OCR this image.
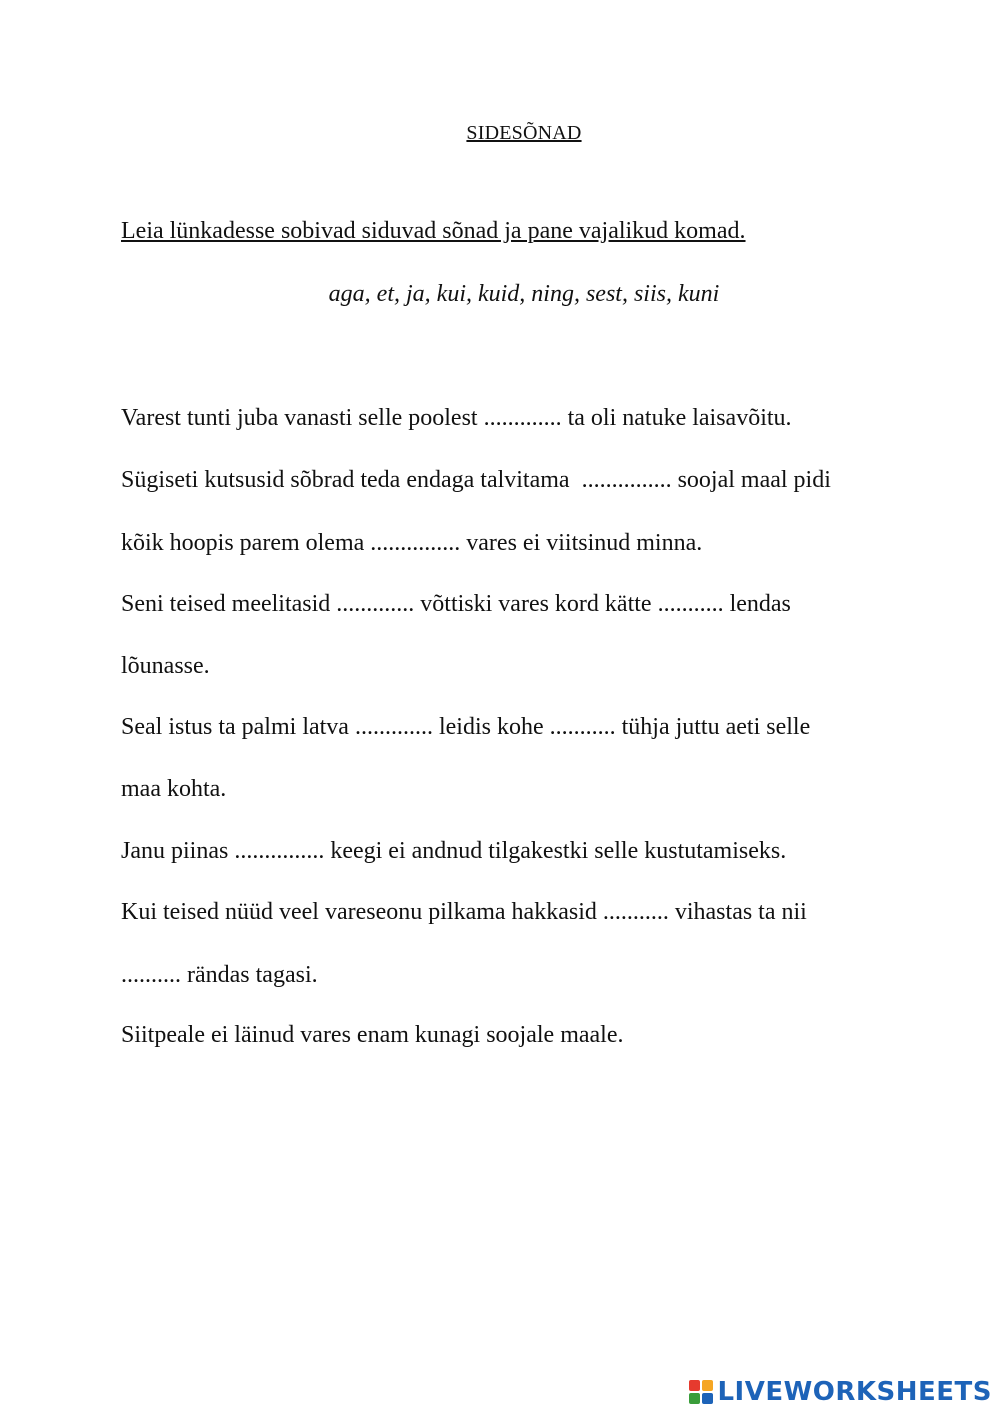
SIDESÕNAD
Leia lünkadesse sobivad siduvad sõnad ja pane vajalikud komad.
aga, et, ja, kui, kuid, ning, sest, siis, kuni
Varest tunti juba vanasti selle poolest ............. ta oli natuke laisavõitu.
Sügiseti kutsusid sõbrad teda endaga talvitama  ............... soojal maal pidi
kõik hoopis parem olema ............... vares ei viitsinud minna.
Seni teised meelitasid ............. võttiski vares kord kätte ........... lendas
lõunasse.
Seal istus ta palmi latva ............. leidis kohe ........... tühja juttu aeti selle
maa kohta.
Janu piinas ............... keegi ei andnud tilgakestki selle kustutamiseks.
Kui teised nüüd veel vareseonu pilkama hakkasid ........... vihastas ta nii
.......... rändas tagasi.
Siitpeale ei läinud vares enam kunagi soojale maale.
LIVEWORKSHEETS
